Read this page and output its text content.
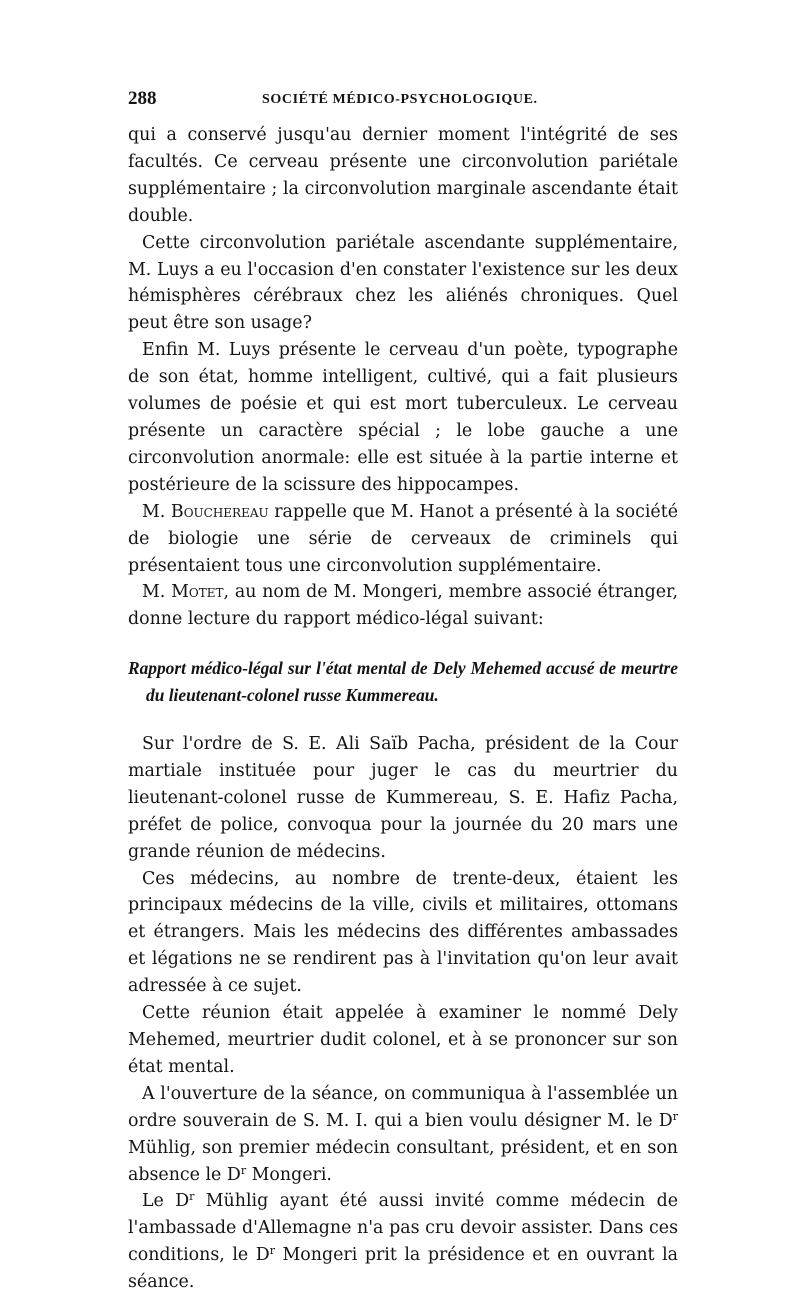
288	SOCIÉTÉ MÉDICO-PSYCHOLOGIQUE.

qui a conservé jusqu'au dernier moment l'intégrité de ses facultés. Ce cerveau présente une circonvolution pariétale supplémentaire ; la circonvolution marginale ascendante était double.

Cette circonvolution pariétale ascendante supplémentaire, M. Luys a eu l'occasion d'en constater l'existence sur les deux hémisphères cérébraux chez les aliénés chroniques. Quel peut être son usage?

Enfin M. Luys présente le cerveau d'un poète, typographe de son état, homme intelligent, cultivé, qui a fait plusieurs volumes de poésie et qui est mort tuberculeux. Le cerveau présente un caractère spécial ; le lobe gauche a une circonvolution anormale: elle est située à la partie interne et postérieure de la scissure des hippocampes.

M. Bouchereau rappelle que M. Hanot a présenté à la société de biologie une série de cerveaux de criminels qui présentaient tous une circonvolution supplémentaire.

M. Motet, au nom de M. Mongeri, membre associé étranger, donne lecture du rapport médico-légal suivant:

Rapport médico-légal sur l'état mental de Dely Mehemed accusé de meurtre du lieutenant-colonel russe Kummereau.

Sur l'ordre de S. E. Ali Saïb Pacha, président de la Cour martiale instituée pour juger le cas du meurtrier du lieutenant-colonel russe de Kummereau, S. E. Hafiz Pacha, préfet de police, convoqua pour la journée du 20 mars une grande réunion de médecins.

Ces médecins, au nombre de trente-deux, étaient les principaux médecins de la ville, civils et militaires, ottomans et étrangers. Mais les médecins des différentes ambassades et légations ne se rendirent pas à l'invitation qu'on leur avait adressée à ce sujet.

Cette réunion était appelée à examiner le nommé Dely Mehemed, meurtrier dudit colonel, et à se prononcer sur son état mental.

A l'ouverture de la séance, on communiqua à l'assemblée un ordre souverain de S. M. I. qui a bien voulu désigner M. le $D^r$ Mühlig, son premier médecin consultant, président, et en son absence le $D^r$ Mongeri.

Le $D^r$ Mühlig ayant été aussi invité comme médecin de l'ambassade d'Allemagne n'a pas cru devoir assister. Dans ces conditions, le $D^r$ Mongeri prit la présidence et en ouvrant la séance.
